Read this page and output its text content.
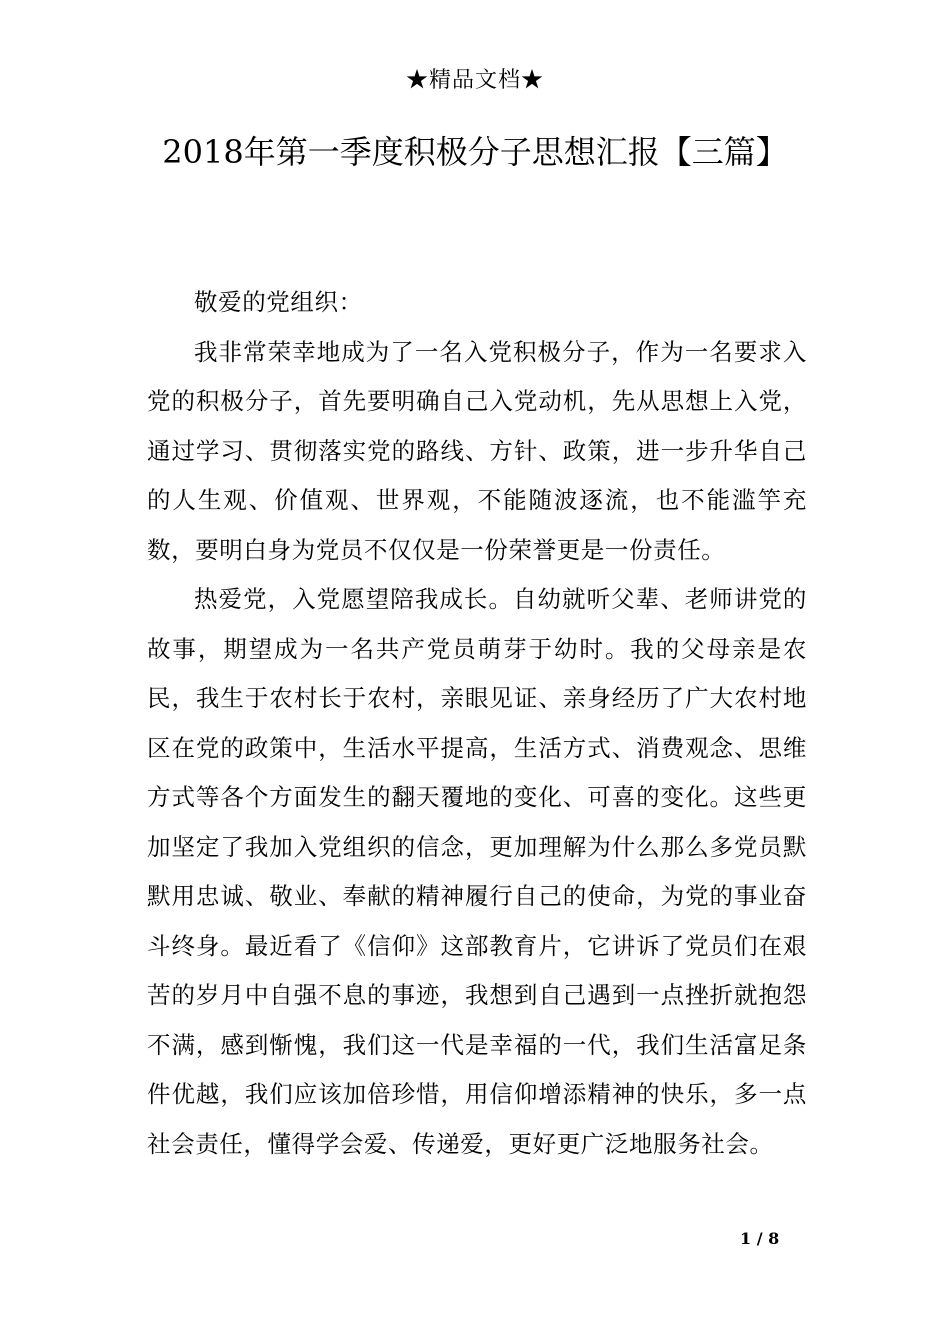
★精品文档★
2018年第一季度积极分子思想汇报【三篇】

敬爱的党组织：

我非常荣幸地成为了一名入党积极分子，作为一名要求入党的积极分子，首先要明确自己入党动机，先从思想上入党，通过学习、贯彻落实党的路线、方针、政策，进一步升华自己的人生观、价值观、世界观，不能随波逐流，也不能滥竽充数，要明白身为党员不仅仅是一份荣誉更是一份责任。

热爱党，入党愿望陪我成长。自幼就听父辈、老师讲党的故事，期望成为一名共产党员萌芽于幼时。我的父母亲是农民，我生于农村长于农村，亲眼见证、亲身经历了广大农村地区在党的政策中，生活水平提高，生活方式、消费观念、思维方式等各个方面发生的翻天覆地的变化、可喜的变化。这些更加坚定了我加入党组织的信念，更加理解为什么那么多党员默默用忠诚、敬业、奉献的精神履行自己的使命，为党的事业奋斗终身。最近看了《信仰》这部教育片，它讲诉了党员们在艰苦的岁月中自强不息的事迹，我想到自己遇到一点挫折就抱怨不满，感到惭愧，我们这一代是幸福的一代，我们生活富足条件优越，我们应该加倍珍惜，用信仰增添精神的快乐，多一点社会责任，懂得学会爱、传递爱，更好更广泛地服务社会。

1 / 8
